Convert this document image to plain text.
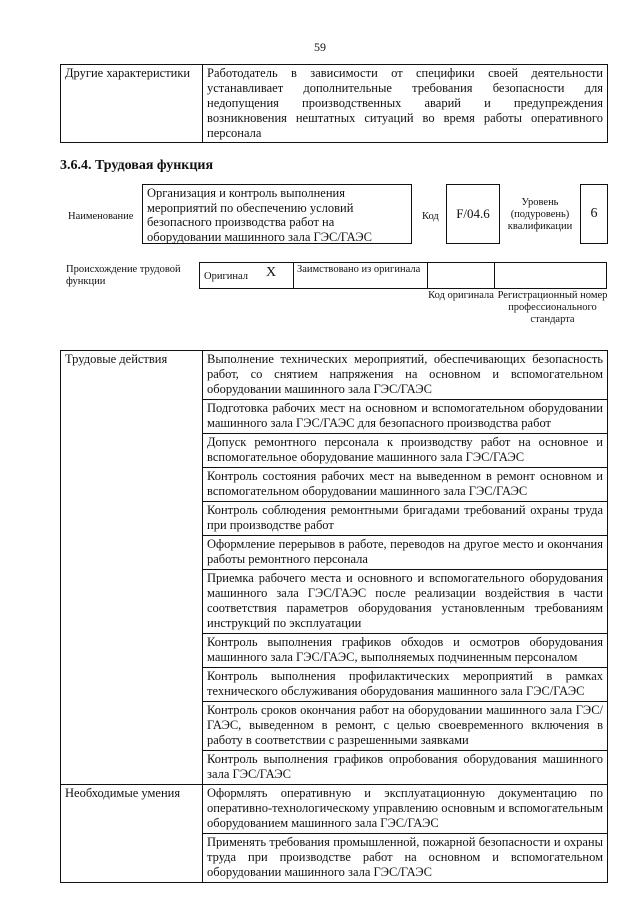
59
Другие характеристики	Работодатель в зависимости от специфики своей деятельности устанавливает дополнительные требования безопасности для недопущения производственных аварий и предупреждения возникновения нештатных ситуаций во время работы оперативного персонала
3.6.4. Трудовая функция
Наименование
Организация и контроль выполнения мероприятий по обеспечению условий безопасного производства работ на оборудовании машинного зала ГЭС/ГАЭС
Код	F/04.6
Уровень (подуровень) квалификации
6
Происхождение трудовой функции	Оригинал X	Заимствовано из оригинала
Код оригинала Регистрационный номер профессионального стандарта
Трудовые действия	Выполнение технических мероприятий, обеспечивающих безопасность работ, со снятием напряжения на основном и вспомогательном оборудовании машинного зала ГЭС/ГАЭС
	Подготовка рабочих мест на основном и вспомогательном оборудовании машинного зала ГЭС/ГАЭС для безопасного производства работ
	Допуск ремонтного персонала к производству работ на основное и вспомогательное оборудование машинного зала ГЭС/ГАЭС
	Контроль состояния рабочих мест на выведенном в ремонт основном и вспомогательном оборудовании машинного зала ГЭС/ГАЭС
	Контроль соблюдения ремонтными бригадами требований охраны труда при производстве работ
	Оформление перерывов в работе, переводов на другое место и окончания работы ремонтного персонала
	Приемка рабочего места и основного и вспомогательного оборудования машинного зала ГЭС/ГАЭС после реализации воздействия в части соответствия параметров оборудования установленным требованиям инструкций по эксплуатации
	Контроль выполнения графиков обходов и осмотров оборудования машинного зала ГЭС/ГАЭС, выполняемых подчиненным персоналом
	Контроль выполнения профилактических мероприятий в рамках технического обслуживания оборудования машинного зала ГЭС/ГАЭС
	Контроль сроков окончания работ на оборудовании машинного зала ГЭС/ГАЭС, выведенном в ремонт, с целью своевременного включения в работу в соответствии с разрешенными заявками
	Контроль выполнения графиков опробования оборудования машинного зала ГЭС/ГАЭС
Необходимые умения	Оформлять оперативную и эксплуатационную документацию по оперативно-технологическому управлению основным и вспомогательным оборудованием машинного зала ГЭС/ГАЭС
	Применять требования промышленной, пожарной безопасности и охраны труда при производстве работ на основном и вспомогательном оборудовании машинного зала ГЭС/ГАЭС
